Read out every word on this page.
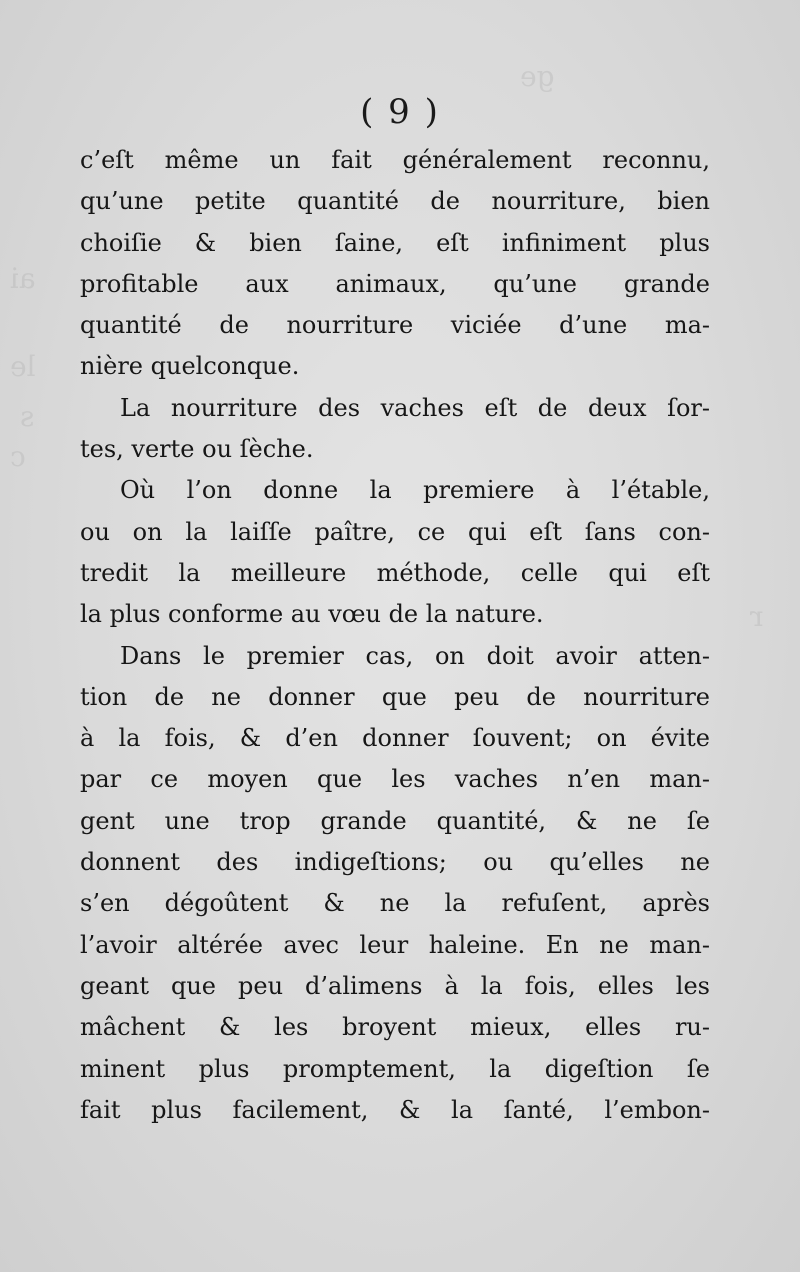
ge
ai
le
s
c
r
( 9 )
c’eſt même un fait généralement reconnu,
qu’une petite quantité de nourriture, bien
choiſie & bien ſaine, eſt infiniment plus
profitable aux animaux, qu’une grande
quantité de nourriture viciée d’une ma-
nière quelconque.
La nourriture des vaches eſt de deux ſor-
tes, verte ou ſèche.
Où l’on donne la premiere à l’étable,
ou on la laiſſe paître, ce qui eſt ſans con-
tredit la meilleure méthode, celle qui eſt
la plus conforme au vœu de la nature.
Dans le premier cas, on doit avoir atten-
tion de ne donner que peu de nourriture
à la fois, & d’en donner ſouvent; on évite
par ce moyen que les vaches n’en man-
gent une trop grande quantité, & ne ſe
donnent des indigeſtions; ou qu’elles ne
s’en dégoûtent & ne la refuſent, après
l’avoir altérée avec leur haleine. En ne man-
geant que peu d’alimens à la fois, elles les
mâchent & les broyent mieux, elles ru-
minent plus promptement, la digeſtion ſe
fait plus facilement, & la ſanté, l’embon-
